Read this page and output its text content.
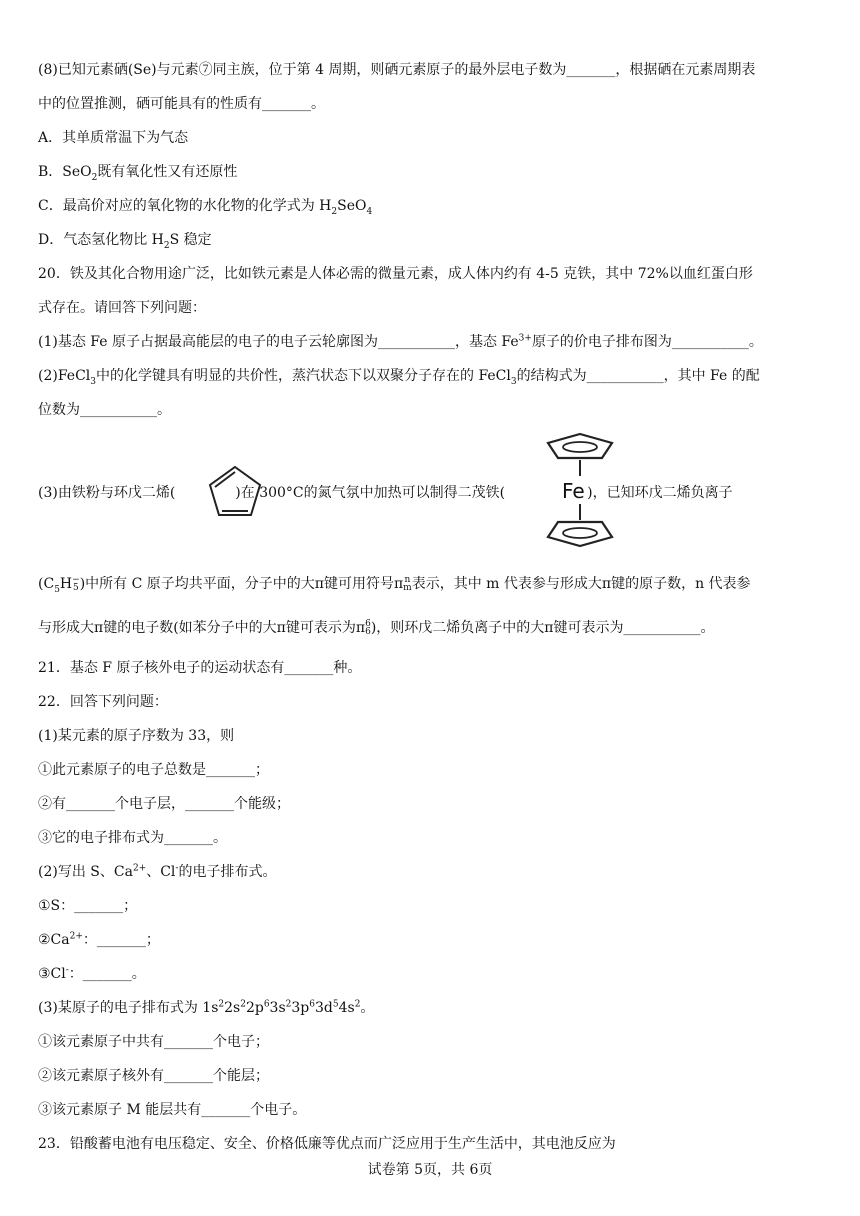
(8)已知元素硒(Se)与元素⑦同主族，位于第 4 周期，则硒元素原子的最外层电子数为_______，根据硒在元素周期表
中的位置推测，硒可能具有的性质有_______。
A．其单质常温下为气态
B．SeO$_2$既有氧化性又有还原性
C．最高价对应的氧化物的水化物的化学式为 $H_2SeO_4$
D．气态氢化物比 $H_2S$ 稳定
20．铁及其化合物用途广泛，比如铁元素是人体必需的微量元素，成人体内约有 4-5 克铁，其中 72%以血红蛋白形
式存在。请回答下列问题：
(1)基态 Fe 原子占据最高能层的电子的电子云轮廓图为___________，基态 $Fe^{3+}$原子的价电子排布图为___________。
(2)FeCl$_3$中的化学键具有明显的共价性，蒸汽状态下以双聚分子存在的 FeCl$_3$的结构式为___________，其中 Fe 的配
位数为___________。
(3)由铁粉与环戊二烯(	)在 300°C的氮气氛中加热可以制得二茂铁(	)，已知环戊二烯负离子
Fe
($C_5H$ −
5 )中所有 C 原子均共平面，分子中的大π键可用符号π n
m 表示，其中 m 代表参与形成大π键的原子数，n 代表参
与形成大π键的电子数(如苯分子中的大π键可表示为π 6
6 )，则环戊二烯负离子中的大π键可表示为___________。
21．基态 F 原子核外电子的运动状态有_______种。
22．回答下列问题：
(1)某元素的原子序数为 33，则
①此元素原子的电子总数是_______；
②有_______个电子层，_______个能级；
③它的电子排布式为_______。
(2)写出 S、$Ca^{2+}$、Cl-的电子排布式。
①S：_______；
$②Ca^{2+}$：_______；
③Cl-：_______。
(3)某原子的电子排布式为 $1s^22s^22p^63s^23p^63d^54s^2$。
①该元素原子中共有_______个电子；
②该元素原子核外有_______个能层；
③该元素原子 M 能层共有_______个电子。
23．铅酸蓄电池有电压稳定、安全、价格低廉等优点而广泛应用于生产生活中，其电池反应为
试卷第 5页，共 6页
